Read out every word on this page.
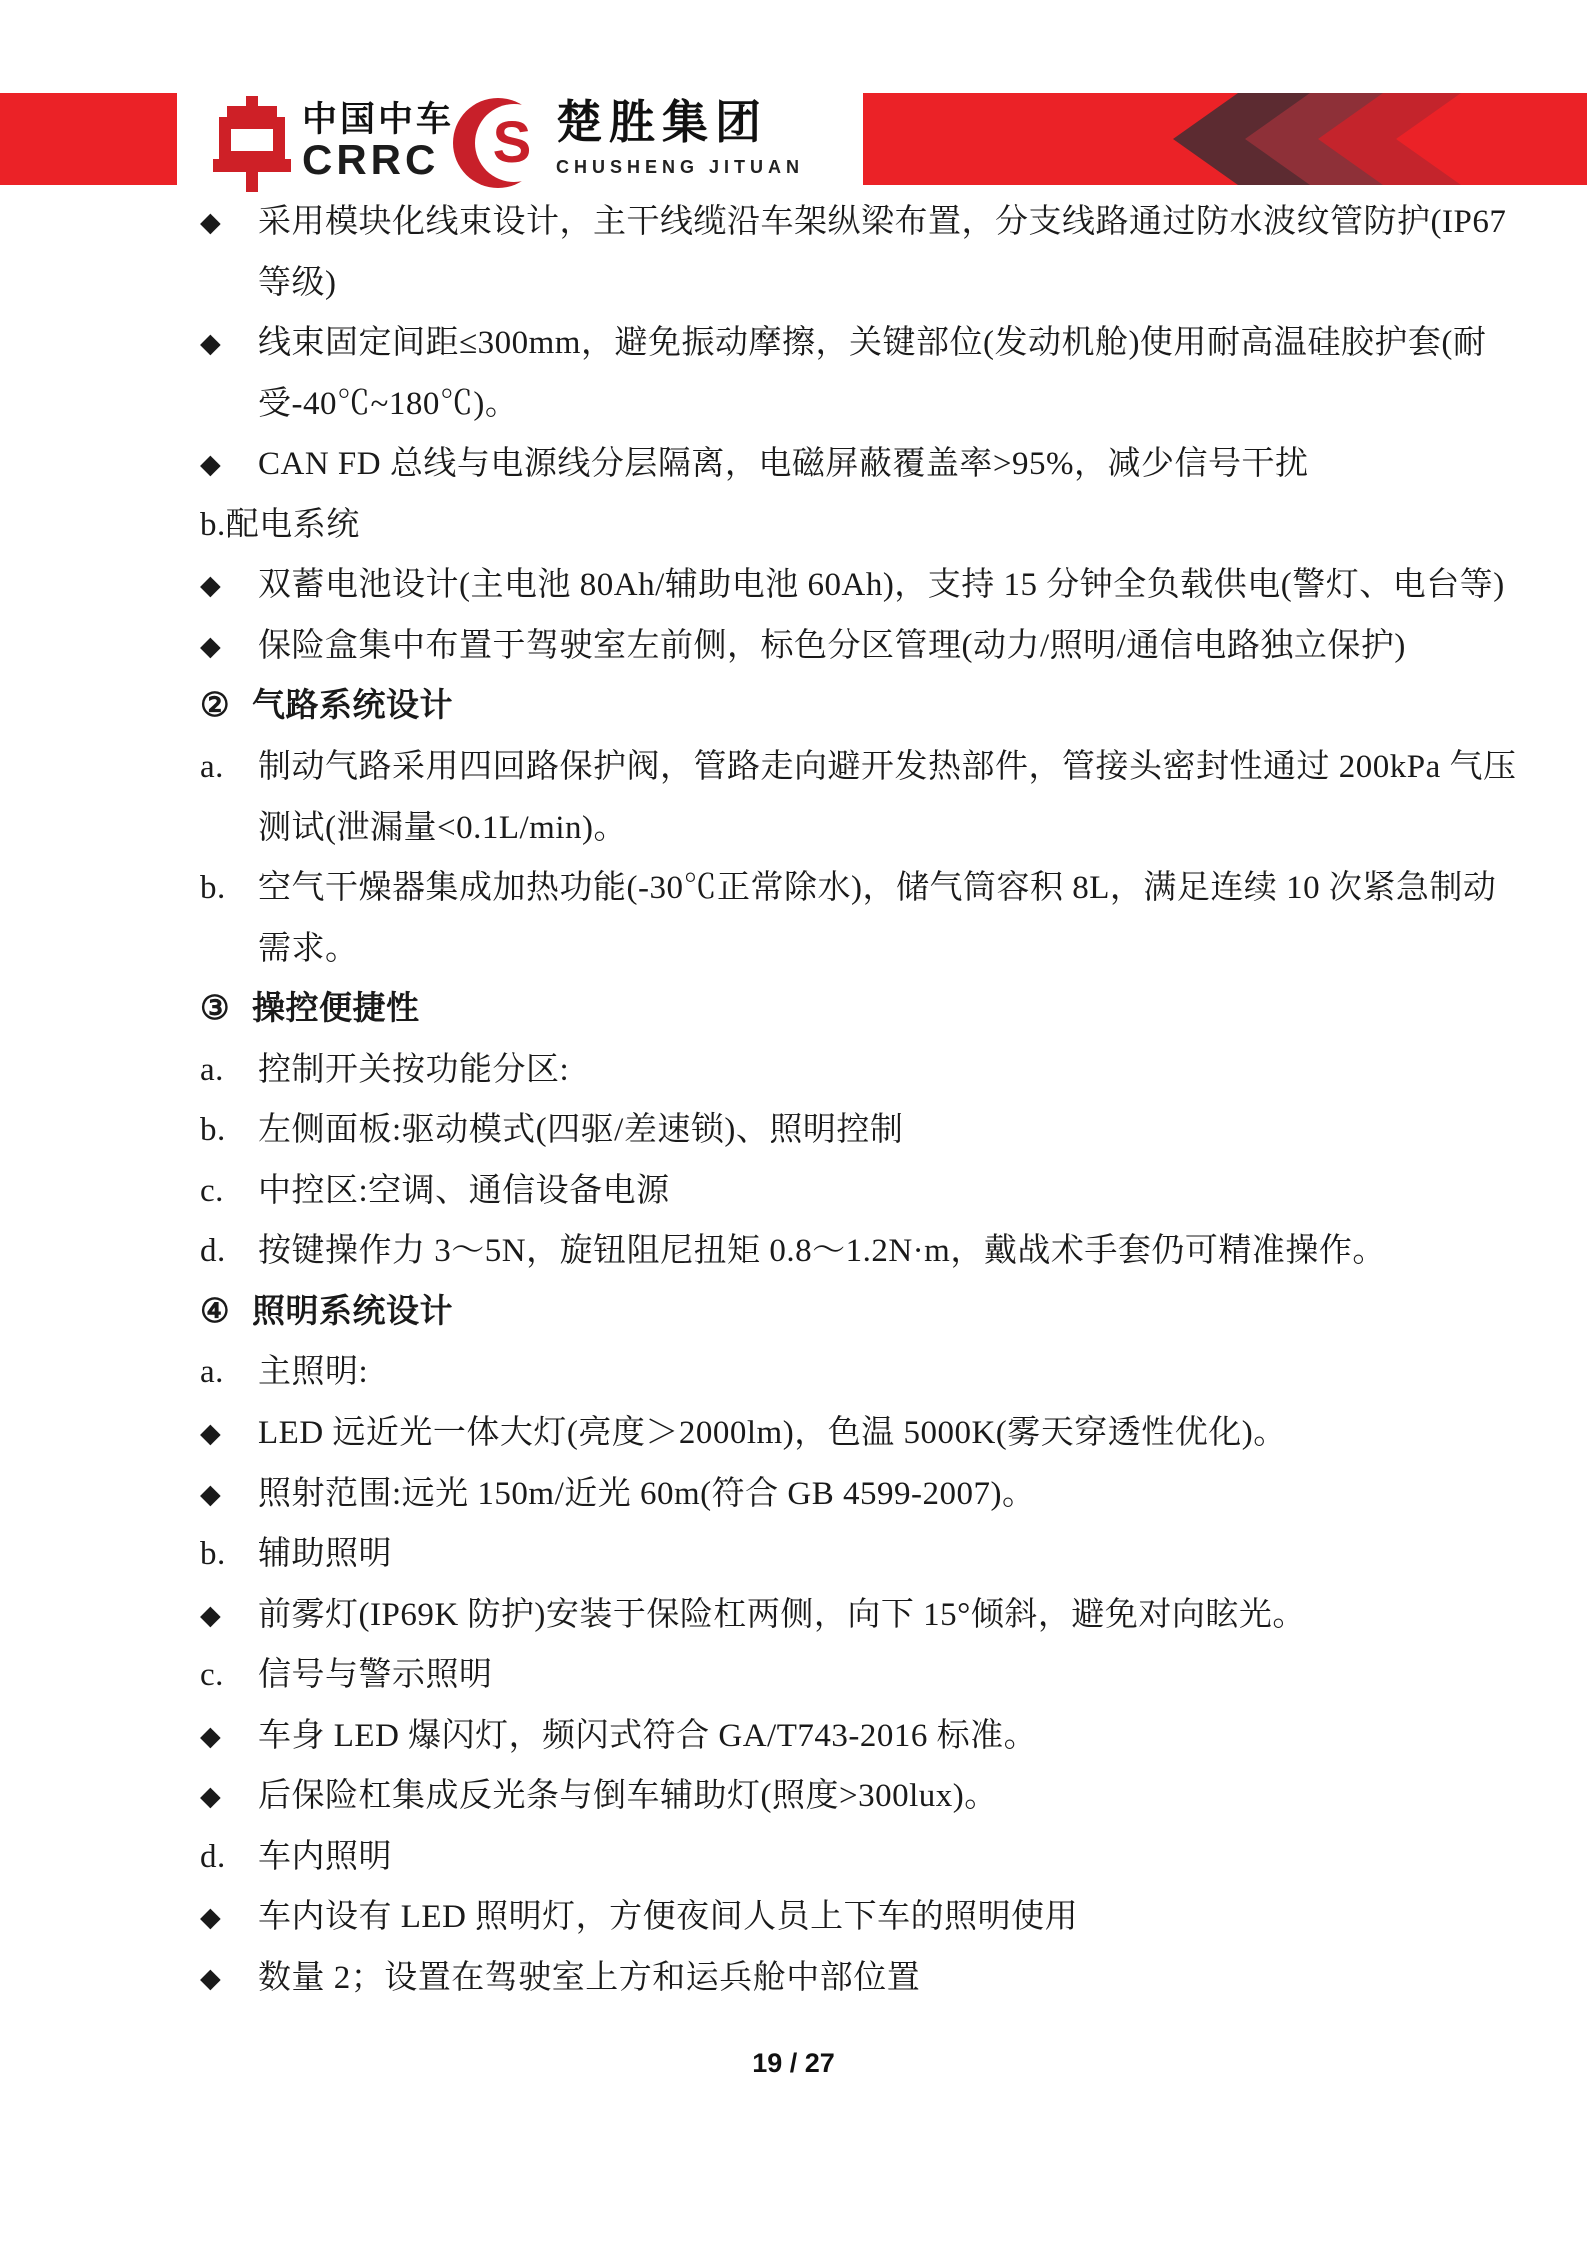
中国中车
CRRC S 楚胜集团
CHUSHENG JITUAN
◆ 采用模块化线束设计，主干线缆沿车架纵梁布置，分支线路通过防水波纹管防护(IP67
等级)
◆ 线束固定间距≤300mm，避免振动摩擦，关键部位(发动机舱)使用耐高温硅胶护套(耐
受-40℃~180℃)。
◆ CAN FD 总线与电源线分层隔离，电磁屏蔽覆盖率>95%，减少信号干扰
b.配电系统
◆ 双蓄电池设计(主电池 80Ah/辅助电池 60Ah)，支持 15 分钟全负载供电(警灯、电台等)
◆ 保险盒集中布置于驾驶室左前侧，标色分区管理(动力/照明/通信电路独立保护)
② 气路系统设计
a. 制动气路采用四回路保护阀，管路走向避开发热部件，管接头密封性通过 200kPa 气压
测试(泄漏量<0.1L/min)。
b. 空气干燥器集成加热功能(-30℃正常除水)，储气筒容积 8L，满足连续 10 次紧急制动
需求。
③ 操控便捷性
a. 控制开关按功能分区:
b. 左侧面板:驱动模式(四驱/差速锁)、照明控制
c. 中控区:空调、通信设备电源
d. 按键操作力 3～5N，旋钮阻尼扭矩 0.8～1.2N·m，戴战术手套仍可精准操作。
④ 照明系统设计
a. 主照明:
◆ LED 远近光一体大灯(亮度＞2000lm)，色温 5000K(雾天穿透性优化)。
◆ 照射范围:远光 150m/近光 60m(符合 GB 4599-2007)。
b. 辅助照明
◆ 前雾灯(IP69K 防护)安装于保险杠两侧，向下 15°倾斜，避免对向眩光。
c. 信号与警示照明
◆ 车身 LED 爆闪灯，频闪式符合 GA/T743-2016 标准。
◆ 后保险杠集成反光条与倒车辅助灯(照度>300lux)。
d. 车内照明
◆ 车内设有 LED 照明灯，方便夜间人员上下车的照明使用
◆ 数量 2；设置在驾驶室上方和运兵舱中部位置
19 / 27
